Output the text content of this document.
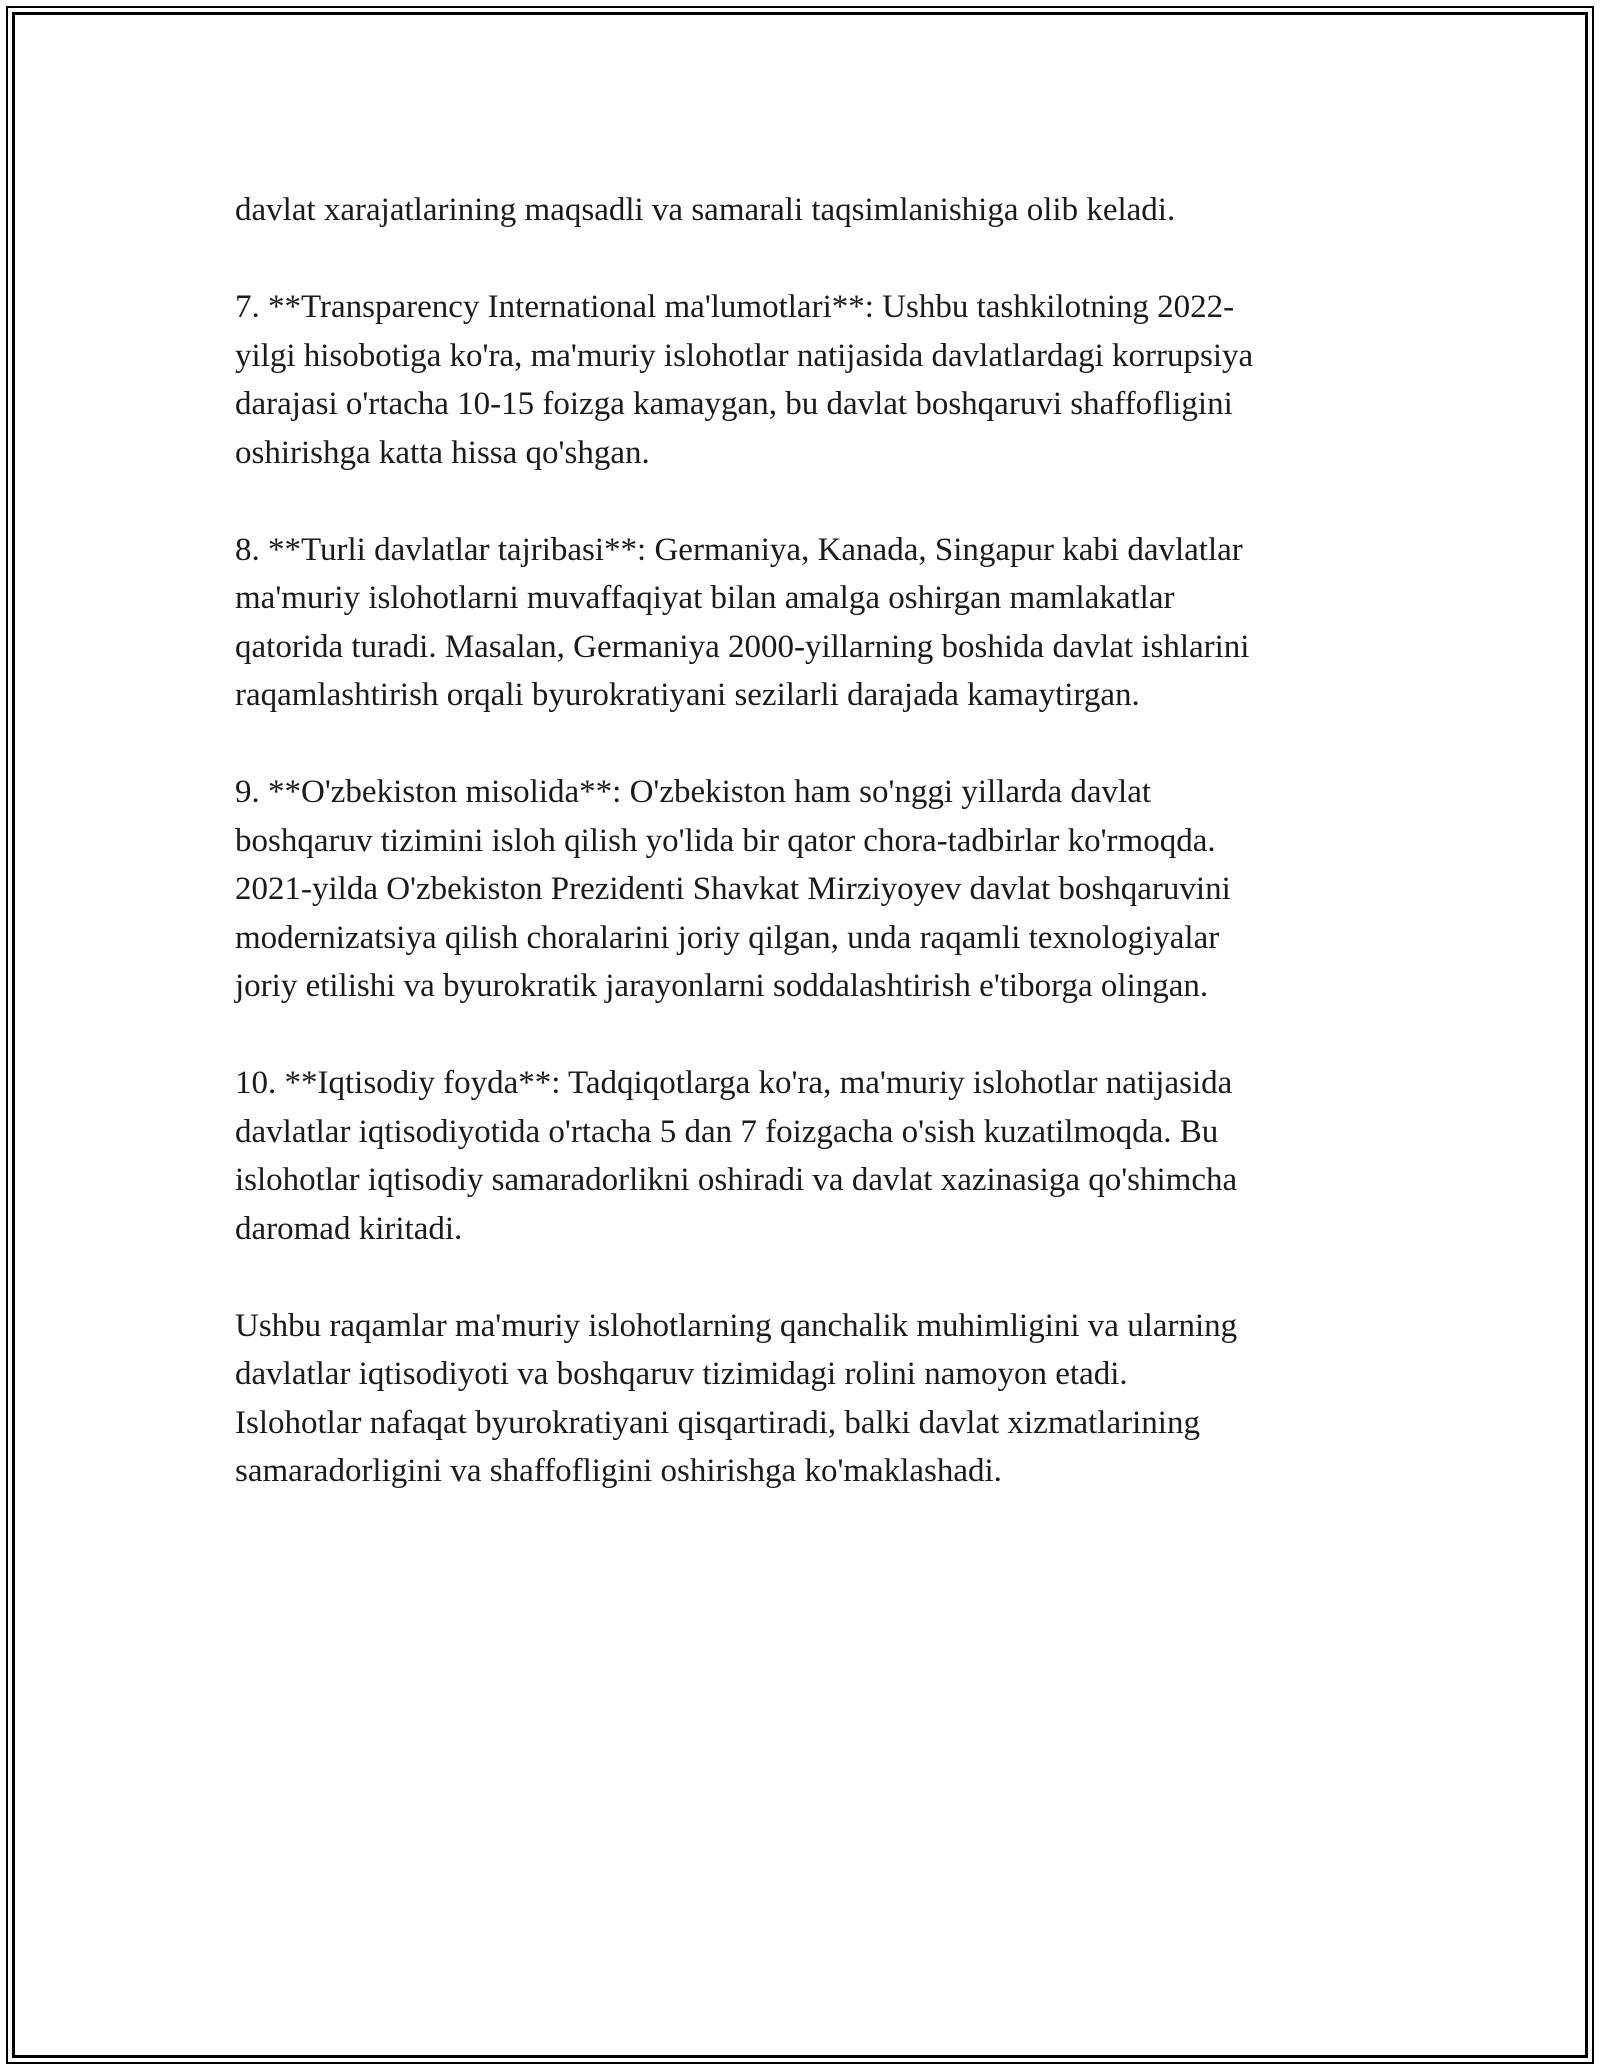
davlat xarajatlarining maqsadli va samarali taqsimlanishiga olib keladi.

7. **Transparency International ma'lumotlari**: Ushbu tashkilotning 2022-
yilgi hisobotiga ko'ra, ma'muriy islohotlar natijasida davlatlardagi korrupsiya
darajasi o'rtacha 10-15 foizga kamaygan, bu davlat boshqaruvi shaffofligini
oshirishga katta hissa qo'shgan.

8. **Turli davlatlar tajribasi**: Germaniya, Kanada, Singapur kabi davlatlar
ma'muriy islohotlarni muvaffaqiyat bilan amalga oshirgan mamlakatlar
qatorida turadi. Masalan, Germaniya 2000-yillarning boshida davlat ishlarini
raqamlashtirish orqali byurokratiyani sezilarli darajada kamaytirgan.

9. **O'zbekiston misolida**: O'zbekiston ham so'nggi yillarda davlat
boshqaruv tizimini isloh qilish yo'lida bir qator chora-tadbirlar ko'rmoqda.
2021-yilda O'zbekiston Prezidenti Shavkat Mirziyoyev davlat boshqaruvini
modernizatsiya qilish choralarini joriy qilgan, unda raqamli texnologiyalar
joriy etilishi va byurokratik jarayonlarni soddalashtirish e'tiborga olingan.

10. **Iqtisodiy foyda**: Tadqiqotlarga ko'ra, ma'muriy islohotlar natijasida
davlatlar iqtisodiyotida o'rtacha 5 dan 7 foizgacha o'sish kuzatilmoqda. Bu
islohotlar iqtisodiy samaradorlikni oshiradi va davlat xazinasiga qo'shimcha
daromad kiritadi.

Ushbu raqamlar ma'muriy islohotlarning qanchalik muhimligini va ularning
davlatlar iqtisodiyoti va boshqaruv tizimidagi rolini namoyon etadi.
Islohotlar nafaqat byurokratiyani qisqartiradi, balki davlat xizmatlarining
samaradorligini va shaffofligini oshirishga ko'maklashadi.
